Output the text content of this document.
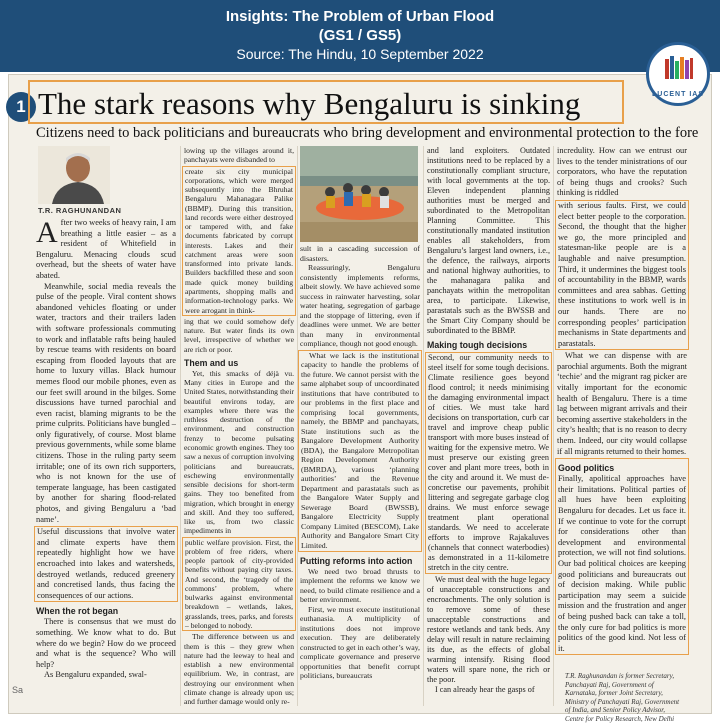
Insights: The Problem of Urban Flood
(GS1 / GS5)
Source: The Hindu, 10 September 2022
LUCENT IAS
1 The stark reasons why Bengaluru is sinking
Citizens need to back politicians and bureaucrats who bring development and environmental protection to the fore
T.R. RAGHUNANDAN

After two weeks of heavy rain, I am breathing a little easier – as a resident of Whitefield in Bengaluru. Menacing clouds scud overhead, but the sheets of water have abated.

Meanwhile, social media reveals the pulse of the people. Viral content shows abandoned vehicles floating or under water, tractors and their trailers laden with software professionals commuting to work and inflatable rafts being hauled by rescue teams with residents on board escaping from flooded layouts that are home to luxury villas. Black humour memes flood our mobile phones, even as our feet swill around in the bilges. Some discussions have turned parochial and even racist, blaming migrants to be the prime culprits. Politicians have bungled – only figuratively, of course. Most blame previous governments, while some blame citizens. Those in the ruling party seem irritable; one of its own rich supporters, who is not known for the use of temperate language, has been castigated by another for sharing flood-related photos, and giving Bengaluru a ‘bad name’.

Useful discussions that involve water and climate experts have them repeatedly highlight how we have encroached into lakes and watersheds, destroyed wetlands, reduced greenery and concretised lands, thus facing the consequences of our actions.

When the rot began

There is consensus that we must do something. We know what to do. But where do we begin? How do we proceed and what is the sequence? Who will help?

As Bengaluru expanded, swal-

lowing up the villages around it, panchayats were disbanded to

create six city municipal corporations, which were merged subsequently into the Bhruhat Bengaluru Mahanagara Palike (BBMP). During this transition, land records were either destroyed or tampered with, and fake documents fabricated by corrupt interests. Lakes and their catchment areas were soon transformed into private lands. Builders backfilled these and soon made quick money building apartments, shopping malls and information-technology parks. We were arrogant in think-

ing that we could somehow defy nature. But water finds its own level, irrespective of whether we are rich or poor.

Them and us

Yet, this smacks of déjà vu. Many cities in Europe and the United States, notwithstanding their beautiful environs today, are examples where there was the ruthless destruction of the environment, and construction frenzy to become pulsating economic growth engines. They too saw a nexus of corruption involving politicians and bureaucrats, eschewing environmentally sensible decisions for short-term gains. They too benefited from migration, which brought in energy and skill. And they too suffered, like us, from two classic impediments in

public welfare provision. First, the problem of free riders, where people partook of city-provided benefits without paying city taxes. And second, the ‘tragedy of the commons’ problem, where bulwarks against environmental breakdown – wetlands, lakes, grasslands, trees, parks, and forests – belonged to nobody.

The difference between us and them is this – they grew when nature had the leeway to heal and establish a new environmental equilibrium. We, in contrast, are destroying our environment when climate change is already upon us; and further damage would only re-

sult in a cascading succession of disasters.

Reassuringly, Bengaluru consistently implements reforms, albeit slowly. We have achieved some success in rainwater harvesting, solar water heating, segregation of garbage and the stoppage of littering, even if deadlines were unmet. We are better than many in environmental compliance, though not good enough.

What we lack is the institutional capacity to handle the problems of the future. We cannot persist with the same alphabet soup of uncoordinated institutions that have contributed to our problems in the first place and comprising local governments, namely, the BBMP and panchayats, State institutions such as the Bangalore Development Authority (BDA), the Bangalore Metropolitan Region Development Authority (BMRDA), various ‘planning authorities’ and the Revenue Department and parastatals such as the Bangalore Water Supply and Sewerage Board (BWSSB), Bangalore Electricity Supply Company Limited (BESCOM), Lake Authority and Bangalore Smart City Limited.

Putting reforms into action

We need two broad thrusts to implement the reforms we know we need, to build climate resilience and a better environment.

First, we must execute institutional euthanasia. A multiplicity of institutions does not improve execution. They are deliberately constructed to get in each other’s way, complicate governance and preserve opportunities that benefit corrupt politicians, bureaucrats

and land exploiters. Outdated institutions need to be replaced by a constitutionally compliant structure, with local governments at the top. Eleven independent planning authorities must be merged and subordinated to the Metropolitan Planning Committee. This constitutionally mandated institution enables all stakeholders, from Bengaluru’s largest land owners, i.e., the defence, the railways, airports and national highway authorities, to the mahanagara palika and panchayats within the metropolitan area, to participate. Likewise, parastatals such as the BWSSB and the Smart City Company should be subordinated to the BBMP.

Making tough decisions

Second, our community needs to steel itself for some tough decisions. Climate resilience goes beyond flood control; it needs minimising the damaging environmental impact of cities. We must take hard decisions on transportation, curb car travel and improve cheap public transport with more buses instead of waiting for the expensive metro. We must preserve our existing green cover and plant more trees, both in the city and around it. We must de-concretise our pavements, prohibit littering and segregate garbage clog drains. We must enforce sewage treatment plant operational standards. We need to accelerate efforts to improve Rajakaluves (channels that connect waterbodies) as demonstrated in a 11-kilometre stretch in the city centre.

We must deal with the huge legacy of unacceptable constructions and encroachments. The only solution is to remove some of these unacceptable constructions and restore wetlands and tank beds. Any delay will result in nature reclaiming its due, as the effects of global warming intensify. Rising flood waters will spare none, the rich or the poor.

I can already hear the gasps of

incredulity. How can we entrust our lives to the tender ministrations of our corporators, who have the reputation of being thugs and crooks? Such thinking is riddled

with serious faults. First, we could elect better people to the corporation. Second, the thought that the higher we go, the more principled and statesman-like people are is a laughable and naive presumption. Third, it undermines the biggest tools of accountability in the BBMP, wards committees and area sabhas. Getting these institutions to work well is in our hands. There are no corresponding peoples’ participation mechanisms in State departments and parastatals.

What we can dispense with are parochial arguments. Both the migrant ‘techie’ and the migrant rag picker are vitally important for the economic health of Bengaluru. There is a time lag between migrant arrivals and their becoming assertive stakeholders in the city’s health; that is no reason to decry them. Indeed, our city would collapse if all migrants returned to their homes.

Good politics

Finally, apolitical approaches have their limitations. Political parties of all hues have been exploiting Bengaluru for decades. Let us face it. If we continue to vote for the corrupt for considerations other than development and environmental protection, we will not find solutions. Our bad political choices are keeping good politicians and bureaucrats out of decision making. While public participation may seem a suicide mission and the frustration and anger of being pushed back can take a toll, the only cure for bad politics is more politics of the good kind. Not less of it.

T.R. Raghunandan is former Secretary, Panchayati Raj, Government of Karnataka, former Joint Secretary, Ministry of Panchayati Raj, Government of India, and Senior Policy Advisor, Centre for Policy Research, New Delhi
Sa
